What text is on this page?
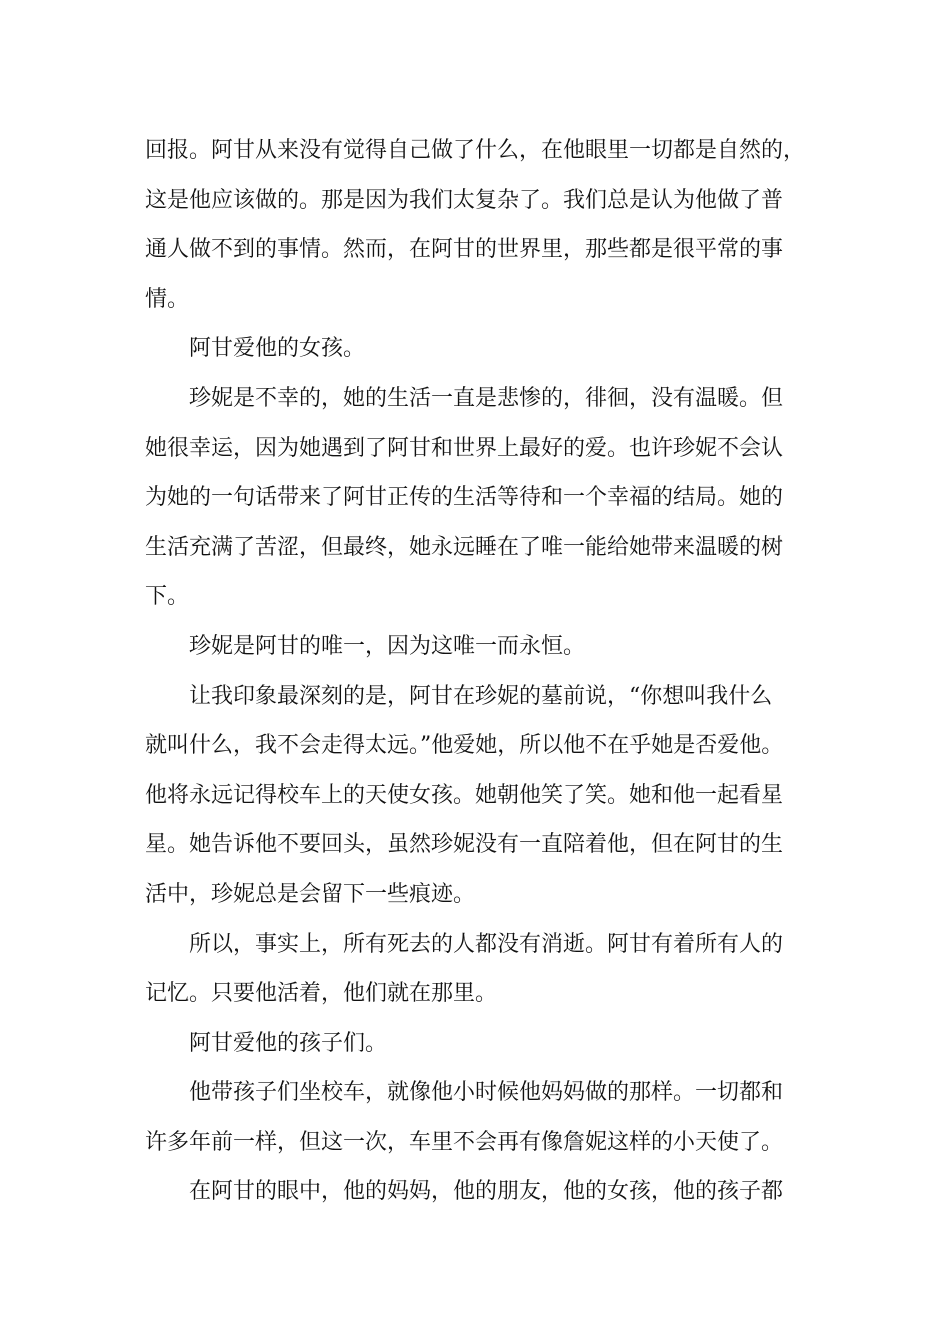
回报。阿甘从来没有觉得自己做了什么，在他眼里一切都是自然的，

这是他应该做的。那是因为我们太复杂了。我们总是认为他做了普

通人做不到的事情。然而，在阿甘的世界里，那些都是很平常的事

情。

阿甘爱他的女孩。

珍妮是不幸的，她的生活一直是悲惨的，徘徊，没有温暖。但

她很幸运，因为她遇到了阿甘和世界上最好的爱。也许珍妮不会认

为她的一句话带来了阿甘正传的生活等待和一个幸福的结局。她的

生活充满了苦涩，但最终，她永远睡在了唯一能给她带来温暖的树

下。

珍妮是阿甘的唯一，因为这唯一而永恒。

让我印象最深刻的是，阿甘在珍妮的墓前说，“你想叫我什么

就叫什么，我不会走得太远。”他爱她，所以他不在乎她是否爱他。

他将永远记得校车上的天使女孩。她朝他笑了笑。她和他一起看星

星。她告诉他不要回头，虽然珍妮没有一直陪着他，但在阿甘的生

活中，珍妮总是会留下一些痕迹。

所以，事实上，所有死去的人都没有消逝。阿甘有着所有人的

记忆。只要他活着，他们就在那里。

阿甘爱他的孩子们。

他带孩子们坐校车，就像他小时候他妈妈做的那样。一切都和

许多年前一样，但这一次，车里不会再有像詹妮这样的小天使了。

在阿甘的眼中，他的妈妈，他的朋友，他的女孩，他的孩子都
